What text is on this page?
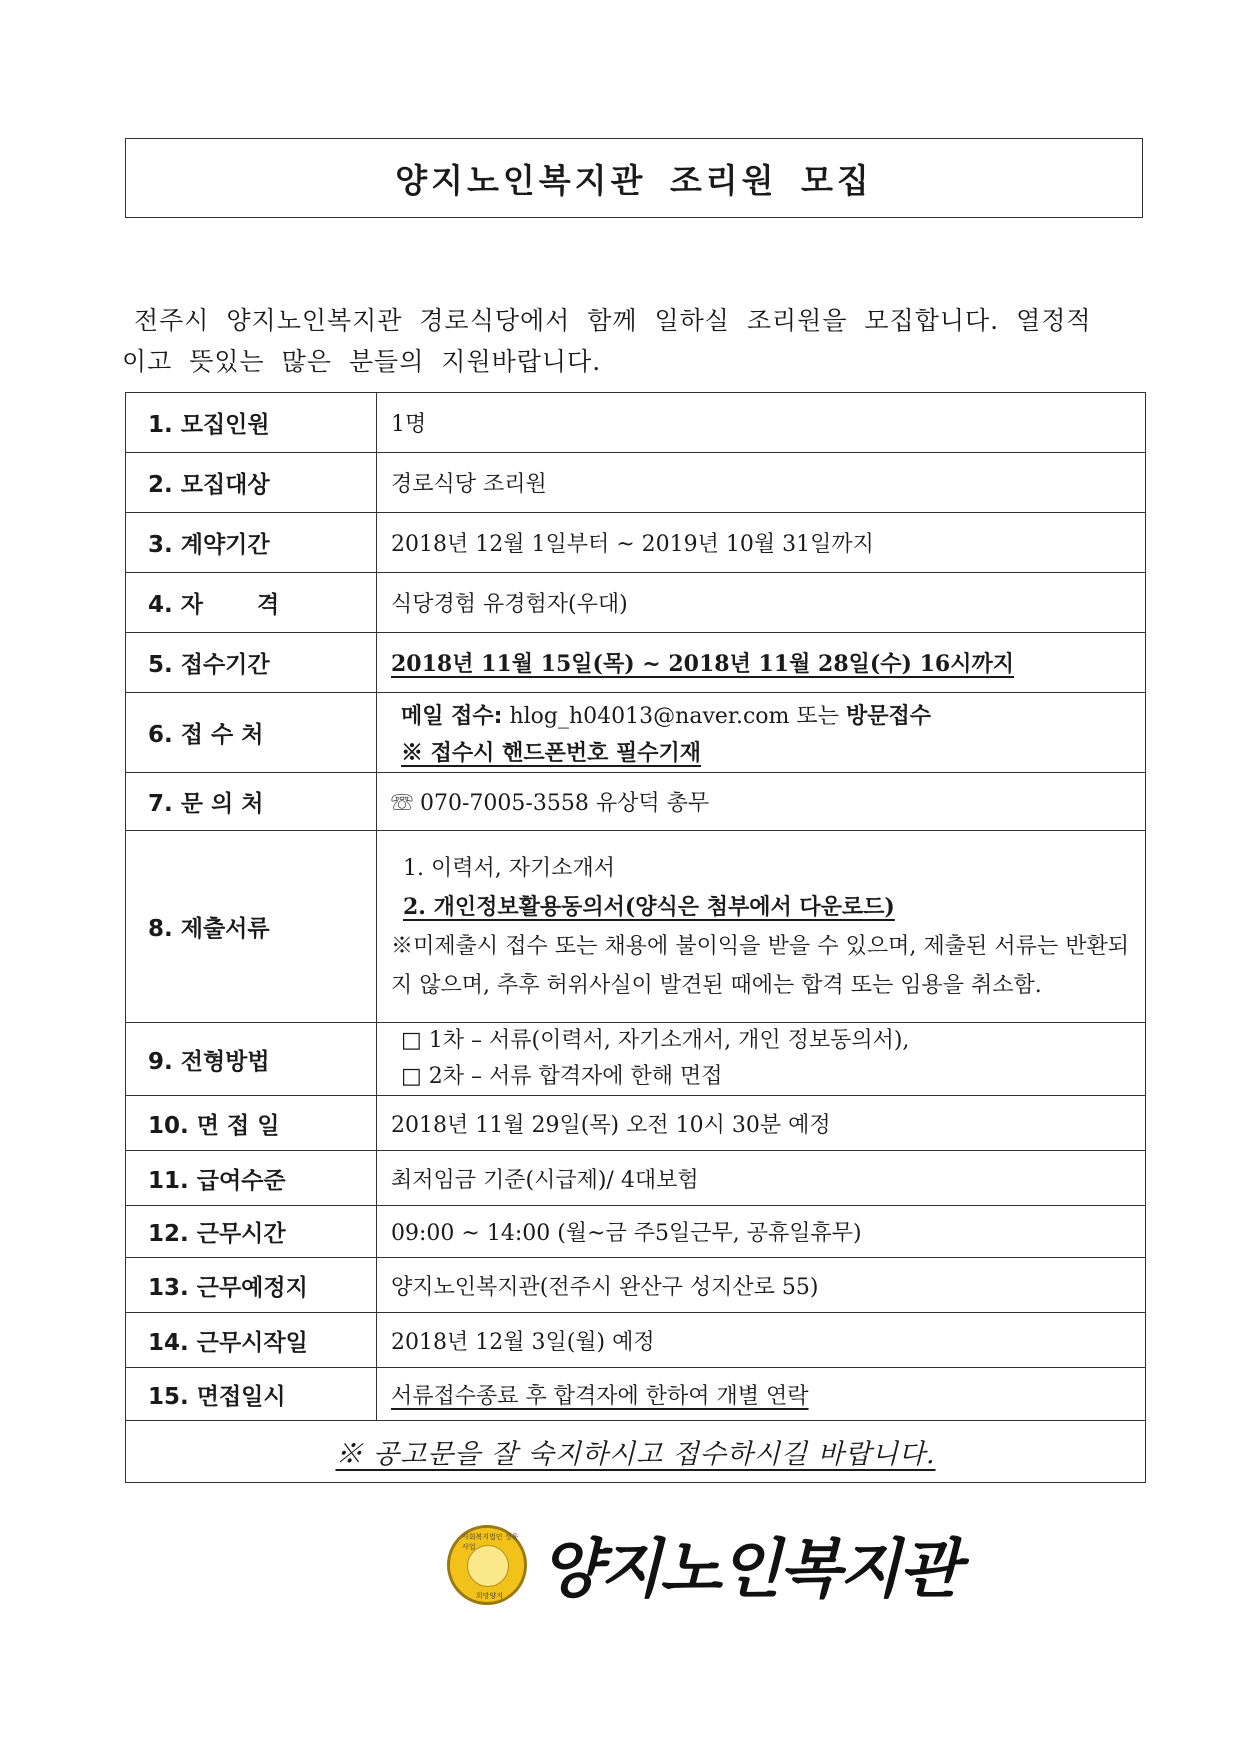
양지노인복지관 조리원 모집
전주시 양지노인복지관 경로식당에서 함께 일하실 조리원을 모집합니다. 열정적
이고 뜻있는 많은 분들의 지원바랍니다.
1. 모집인원	1명
2. 모집대상	경로식당 조리원
3. 계약기간	2018년 12월 1일부터 ~ 2019년 10월 31일까지
4. 자　 　격	식당경험 유경험자(우대)
5. 접수기간	2018년 11월 15일(목) ~ 2018년 11월 28일(수) 16시까지
6. 접 수 처	메일 접수: hlog_h04013@naver.com 또는 방문접수
※ 접수시 핸드폰번호 필수기재

7. 문 의 처	☏ 070-7005-3558 유상덕 총무
8. 제출서류	1. 이력서, 자기소개서
2. 개인정보활용동의서(양식은 첨부에서 다운로드)
※미제출시 접수 또는 채용에 불이익을 받을 수 있으며, 제출된 서류는 반환되지 않으며, 추후 허위사실이 발견된 때에는 합격 또는 임용을 취소함.

9. 전형방법	□ 1차 – 서류(이력서, 자기소개서, 개인 정보동의서),
□ 2차 – 서류 합격자에 한해 면접

10. 면 접 일	2018년 11월 29일(목) 오전 10시 30분 예정
11. 급여수준	최저임금 기준(시급제)/ 4대보험
12. 근무시간	09:00 ~ 14:00 (월~금 주5일근무, 공휴일휴무)
13. 근무예정지	양지노인복지관(전주시 완산구 성지산로 55)
14. 근무시작일	2018년 12월 3일(월) 예정
15. 면접일시	서류접수종료 후 합격자에 한하여 개별 연락
※ 공고문을 잘 숙지하시고 접수하시길 바랍니다.	
사회복지법인 성육사업
희망양지 양지노인복지관
